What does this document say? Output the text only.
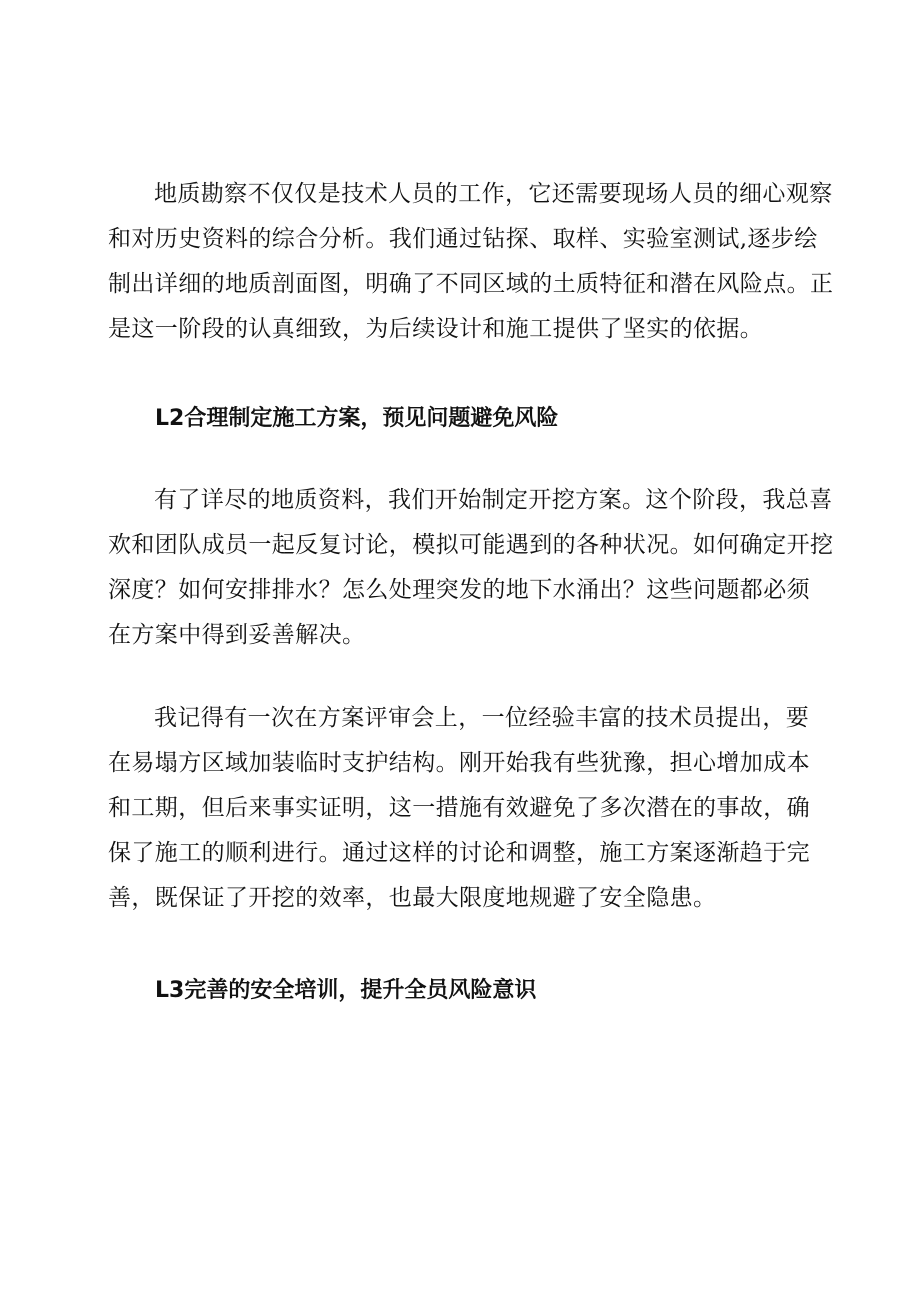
地质勘察不仅仅是技术人员的工作，它还需要现场人员的细心观察
和对历史资料的综合分析。我们通过钻探、取样、实验室测试,逐步绘
制出详细的地质剖面图，明确了不同区域的土质特征和潜在风险点。正
是这一阶段的认真细致，为后续设计和施工提供了坚实的依据。

L2合理制定施工方案，预见问题避免风险

有了详尽的地质资料，我们开始制定开挖方案。这个阶段，我总喜
欢和团队成员一起反复讨论，模拟可能遇到的各种状况。如何确定开挖
深度？如何安排排水？怎么处理突发的地下水涌出？这些问题都必须
在方案中得到妥善解决。

我记得有一次在方案评审会上，一位经验丰富的技术员提出，要
在易塌方区域加装临时支护结构。刚开始我有些犹豫，担心增加成本
和工期，但后来事实证明，这一措施有效避免了多次潜在的事故，确
保了施工的顺利进行。通过这样的讨论和调整，施工方案逐渐趋于完
善，既保证了开挖的效率，也最大限度地规避了安全隐患。

L3完善的安全培训，提升全员风险意识
